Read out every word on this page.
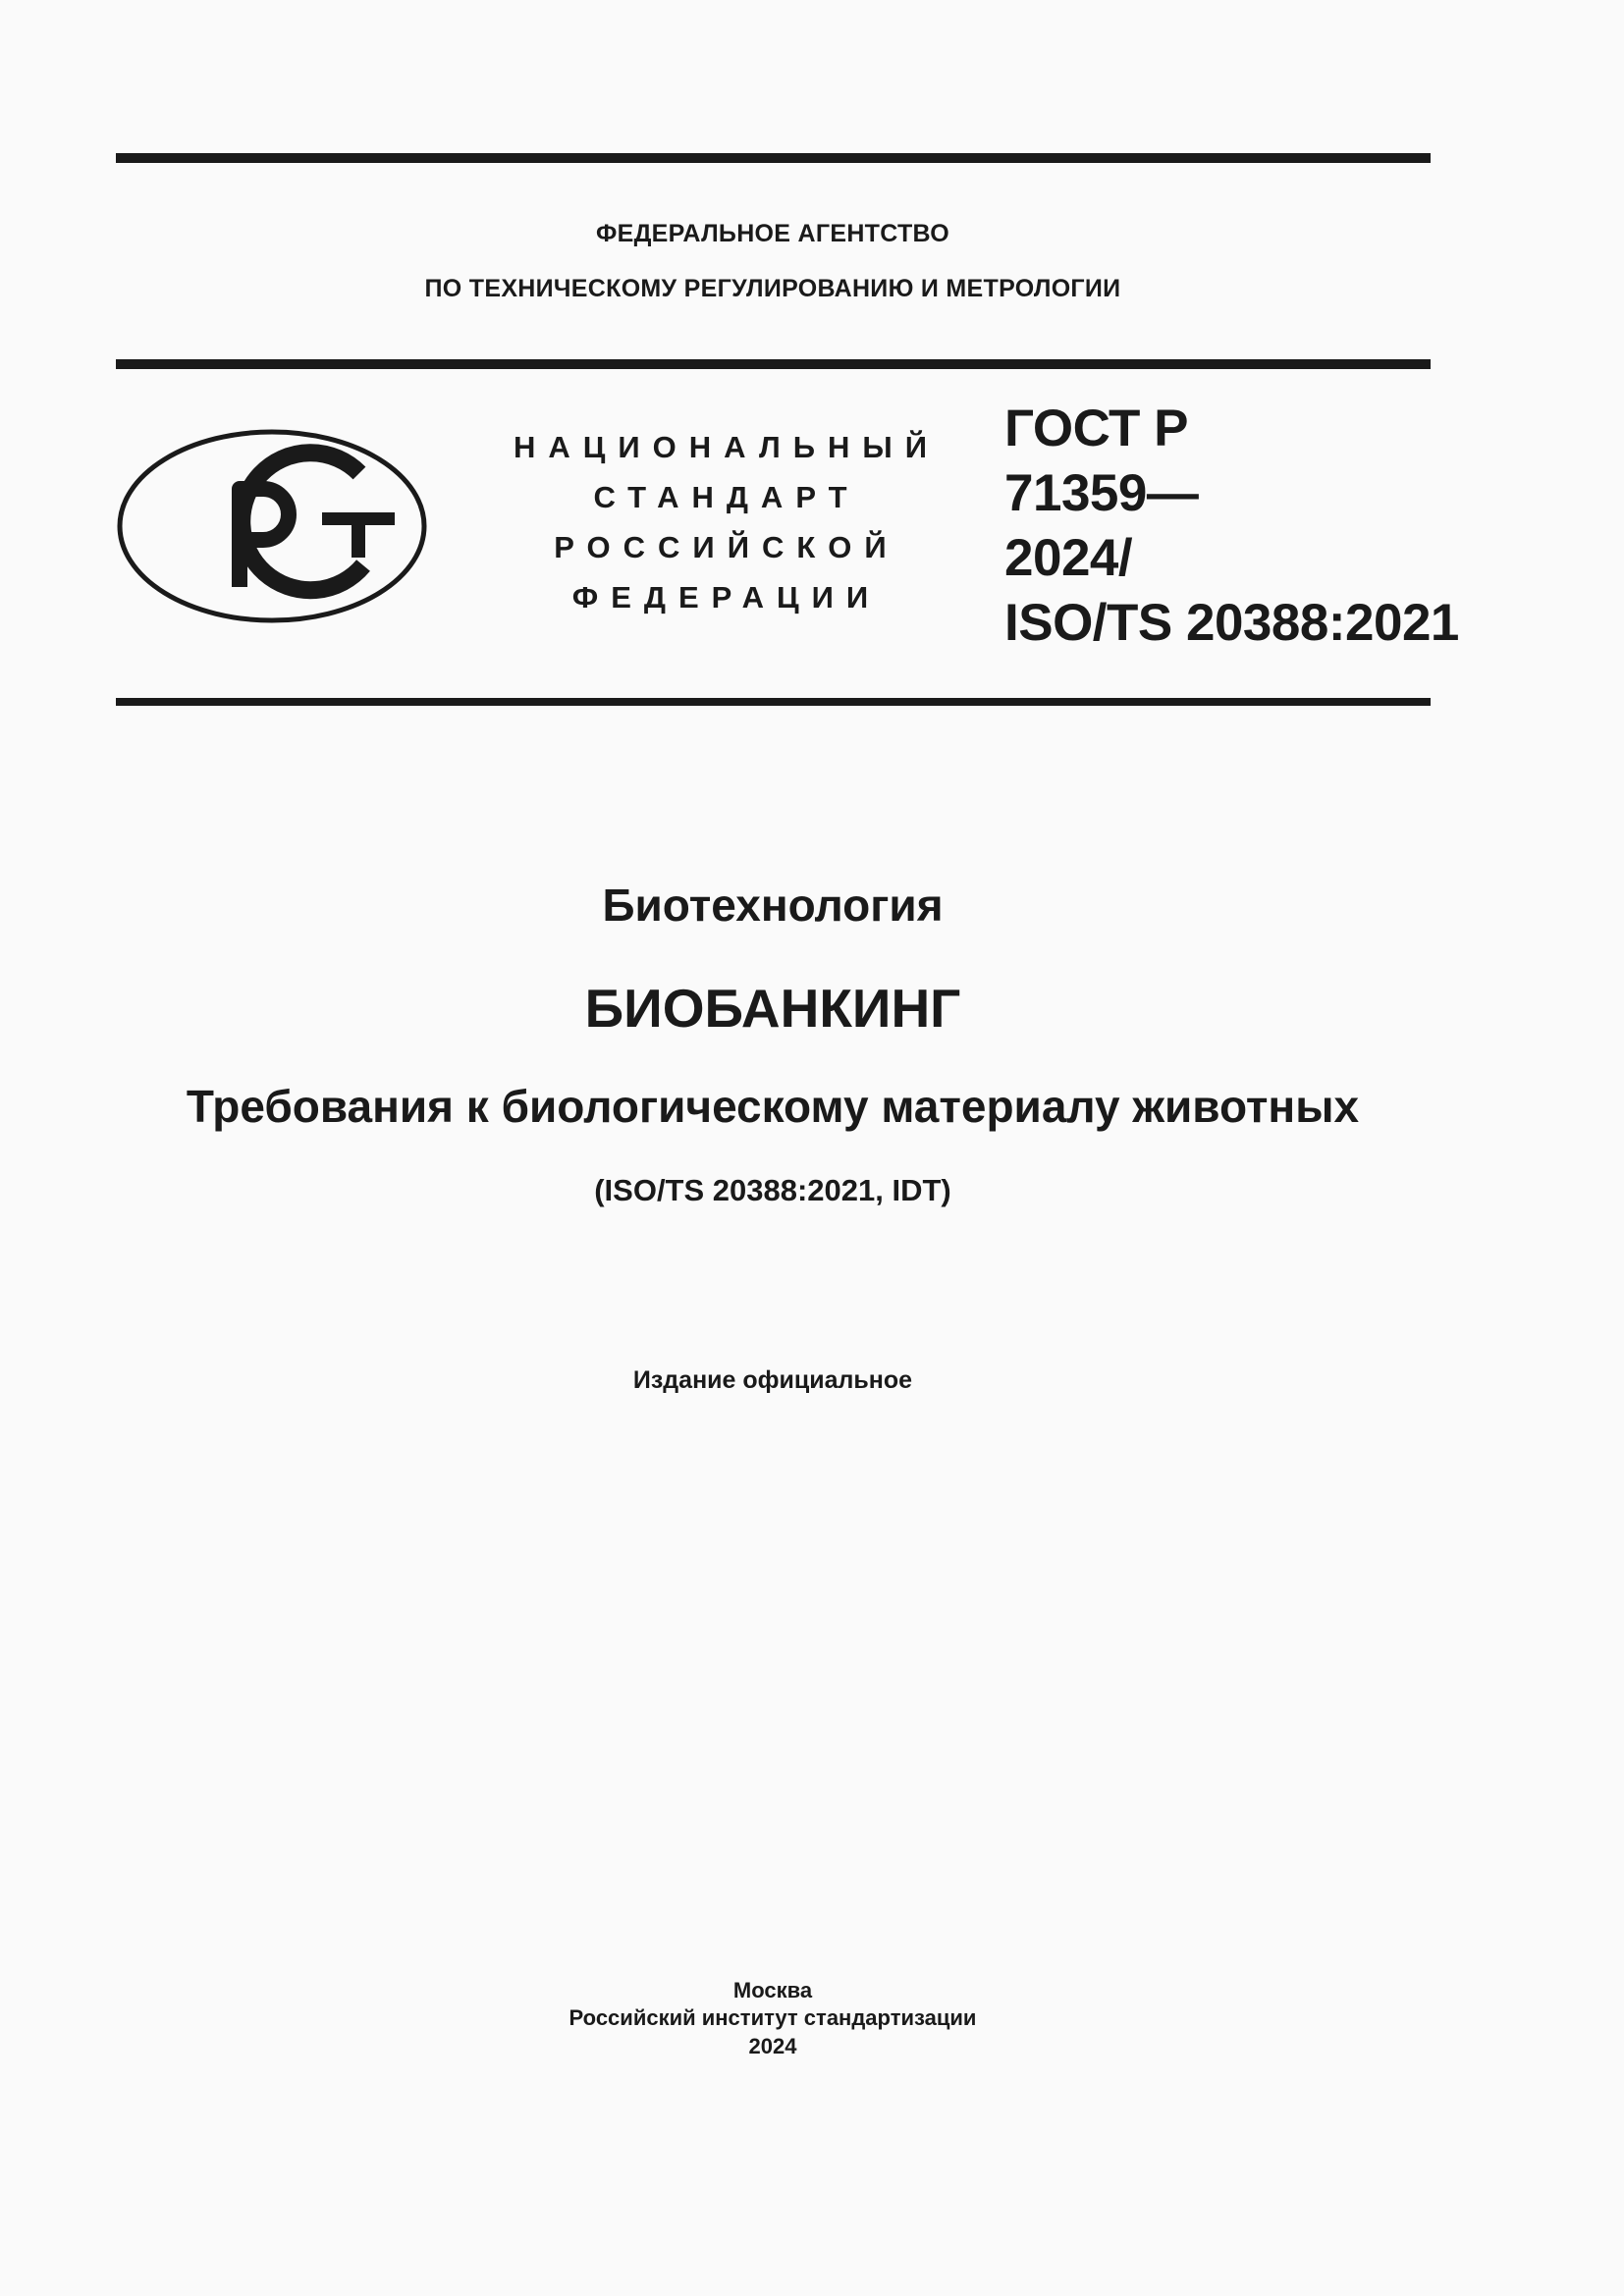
ФЕДЕРАЛЬНОЕ АГЕНТСТВО
ПО ТЕХНИЧЕСКОМУ РЕГУЛИРОВАНИЮ И МЕТРОЛОГИИ
НАЦИОНАЛЬНЫЙ
СТАНДАРТ
РОССИЙСКОЙ
ФЕДЕРАЦИИ
ГОСТ Р
71359—
2024/
ISO/TS 20388:2021
Биотехнология
БИОБАНКИНГ
Требования к биологическому материалу животных
(ISO/TS 20388:2021, IDT)
Издание официальное
Москва
Российский институт стандартизации
2024
